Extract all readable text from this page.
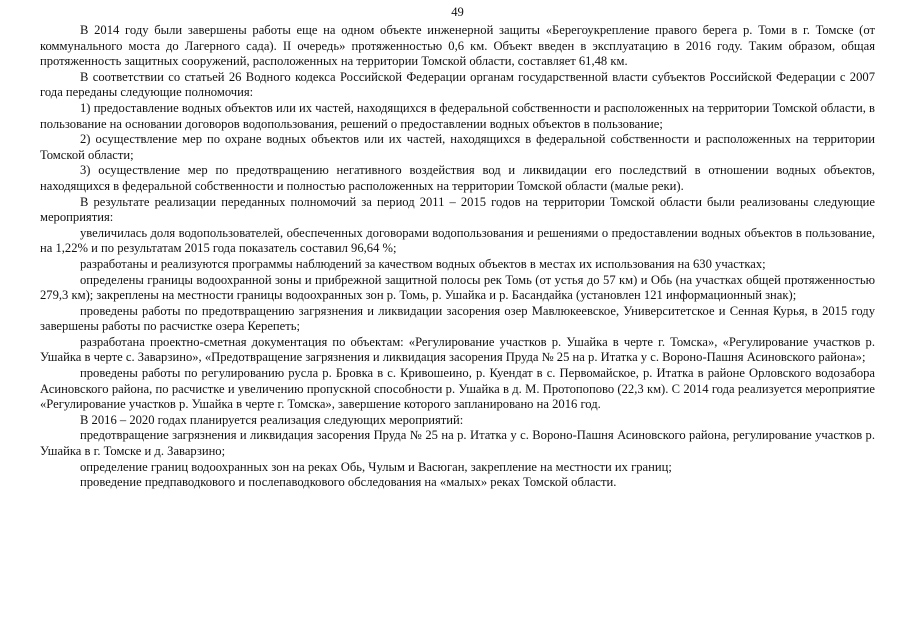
49

В 2014 году были завершены работы еще на одном объекте инженерной защиты «Берегоукрепление правого берега р. Томи в г. Томске (от коммунального моста до Лагерного сада). II очередь» протяженностью 0,6 км. Объект введен в эксплуатацию в 2016 году. Таким образом, общая протяженность защитных сооружений, расположенных на территории Томской области, составляет 61,48 км.

В соответствии со статьей 26 Водного кодекса Российской Федерации органам государственной власти субъектов Российской Федерации с 2007 года переданы следующие полномочия:

1) предоставление водных объектов или их частей, находящихся в федеральной собственности и расположенных на территории Томской области, в пользование на основании договоров водопользования, решений о предоставлении водных объектов в пользование;

2) осуществление мер по охране водных объектов или их частей, находящихся в федеральной собственности и расположенных на территории Томской области;

3) осуществление мер по предотвращению негативного воздействия вод и ликвидации его последствий в отношении водных объектов, находящихся в федеральной собственности и полностью расположенных на территории Томской области (малые реки).

В результате реализации переданных полномочий за период 2011 – 2015 годов на территории Томской области были реализованы следующие мероприятия:

увеличилась доля водопользователей, обеспеченных договорами водопользования и решениями о предоставлении водных объектов в пользование, на 1,22% и по результатам 2015 года показатель составил 96,64 %;

разработаны и реализуются программы наблюдений за качеством водных объектов в местах их использования на 630 участках;

определены границы водоохранной зоны и прибрежной защитной полосы рек Томь (от устья до 57 км) и Обь (на участках общей протяженностью 279,3 км); закреплены на местности границы водоохранных зон р. Томь, р. Ушайка и р. Басандайка (установлен 121 информационный знак);

проведены работы по предотвращению загрязнения и ликвидации засорения озер Мавлюкеевское, Университетское и Сенная Курья, в 2015 году завершены работы по расчистке озера Керепеть;

разработана проектно-сметная документация по объектам: «Регулирование участков р. Ушайка в черте г. Томска», «Регулирование участков р. Ушайка в черте с. Заварзино», «Предотвращение загрязнения и ликвидация засорения Пруда № 25 на р. Итатка у с. Вороно-Пашня Асиновского района»;

проведены работы по регулированию русла р. Бровка в с. Кривошеино, р. Куендат в с. Первомайское, р. Итатка в районе Орловского водозабора Асиновского района, по расчистке и увеличению пропускной способности р. Ушайка в д. М. Протопопово (22,3 км). С 2014 года реализуется мероприятие «Регулирование участков р. Ушайка в черте г. Томска», завершение которого запланировано на 2016 год.

В 2016 – 2020 годах планируется реализация следующих мероприятий:

предотвращение загрязнения и ликвидация засорения Пруда № 25 на р. Итатка у с. Вороно-Пашня Асиновского района, регулирование участков р. Ушайка в г. Томске и д. Заварзино;

определение границ водоохранных зон на реках Обь, Чулым и Васюган, закрепление на местности их границ;

проведение предпаводкового и послепаводкового обследования на «малых» реках Томской области.
